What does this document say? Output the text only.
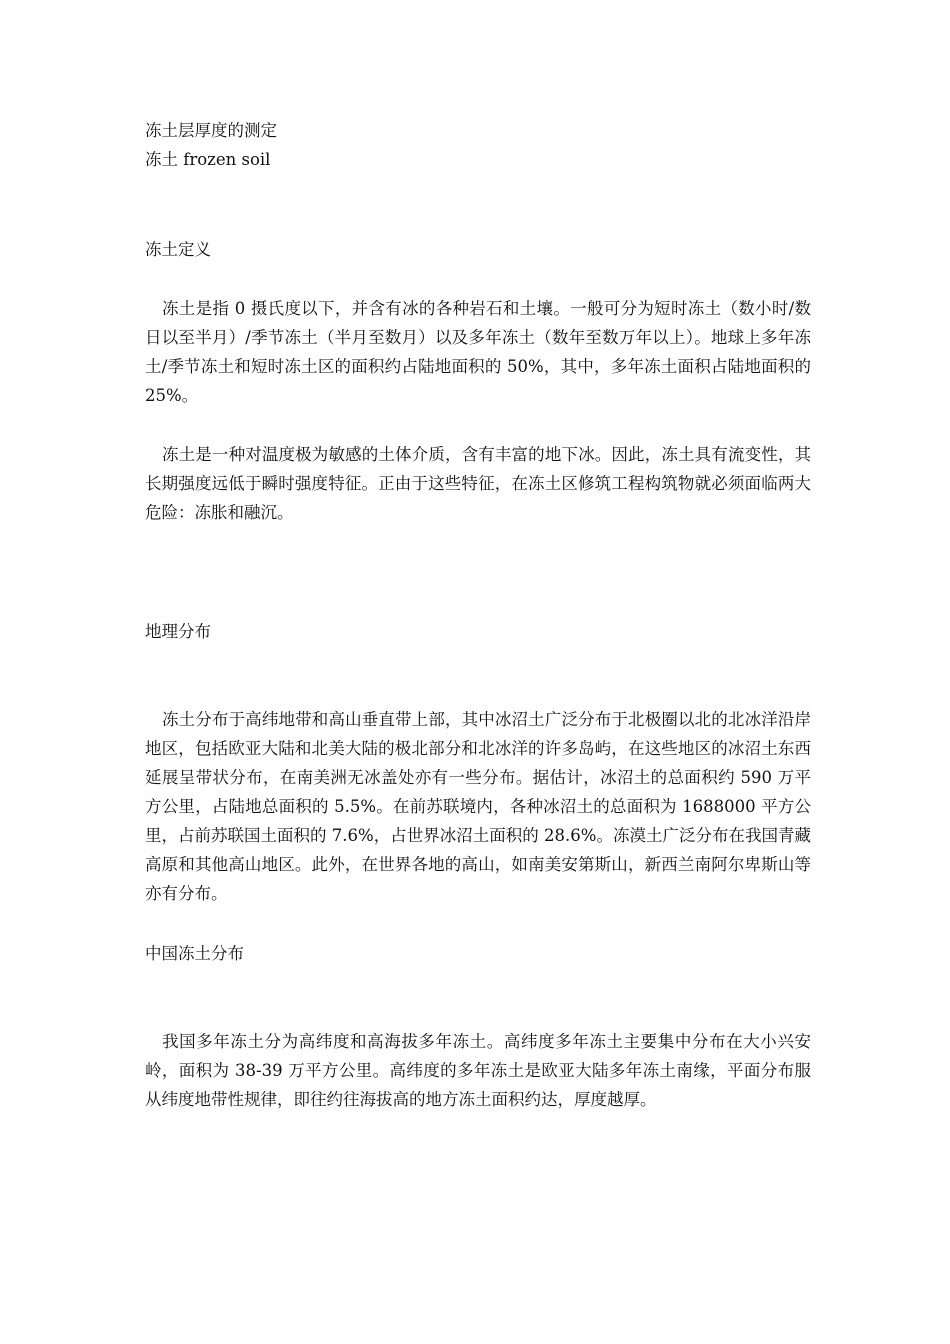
冻土层厚度的测定

冻土 frozen soil

冻土定义

冻土是指 0 摄氏度以下，并含有冰的各种岩石和土壤。一般可分为短时冻土（数小时/数日以至半月）/季节冻土（半月至数月）以及多年冻土（数年至数万年以上）。地球上多年冻土/季节冻土和短时冻土区的面积约占陆地面积的 50%，其中，多年冻土面积占陆地面积的 25%。

冻土是一种对温度极为敏感的土体介质，含有丰富的地下冰。因此，冻土具有流变性，其长期强度远低于瞬时强度特征。正由于这些特征，在冻土区修筑工程构筑物就必须面临两大危险：冻胀和融沉。

地理分布

冻土分布于高纬地带和高山垂直带上部，其中冰沼土广泛分布于北极圈以北的北冰洋沿岸地区，包括欧亚大陆和北美大陆的极北部分和北冰洋的许多岛屿，在这些地区的冰沼土东西延展呈带状分布，在南美洲无冰盖处亦有一些分布。据估计，冰沼土的总面积约 590 万平方公里，占陆地总面积的 5.5%。在前苏联境内，各种冰沼土的总面积为 1688000 平方公里，占前苏联国土面积的 7.6%，占世界冰沼土面积的 28.6%。冻漠土广泛分布在我国青藏高原和其他高山地区。此外，在世界各地的高山，如南美安第斯山，新西兰南阿尔卑斯山等亦有分布。

中国冻土分布

我国多年冻土分为高纬度和高海拔多年冻土。高纬度多年冻土主要集中分布在大小兴安岭，面积为 38-39 万平方公里。高纬度的多年冻土是欧亚大陆多年冻土南缘，平面分布服从纬度地带性规律，即往约往海拔高的地方冻土面积约达，厚度越厚。
